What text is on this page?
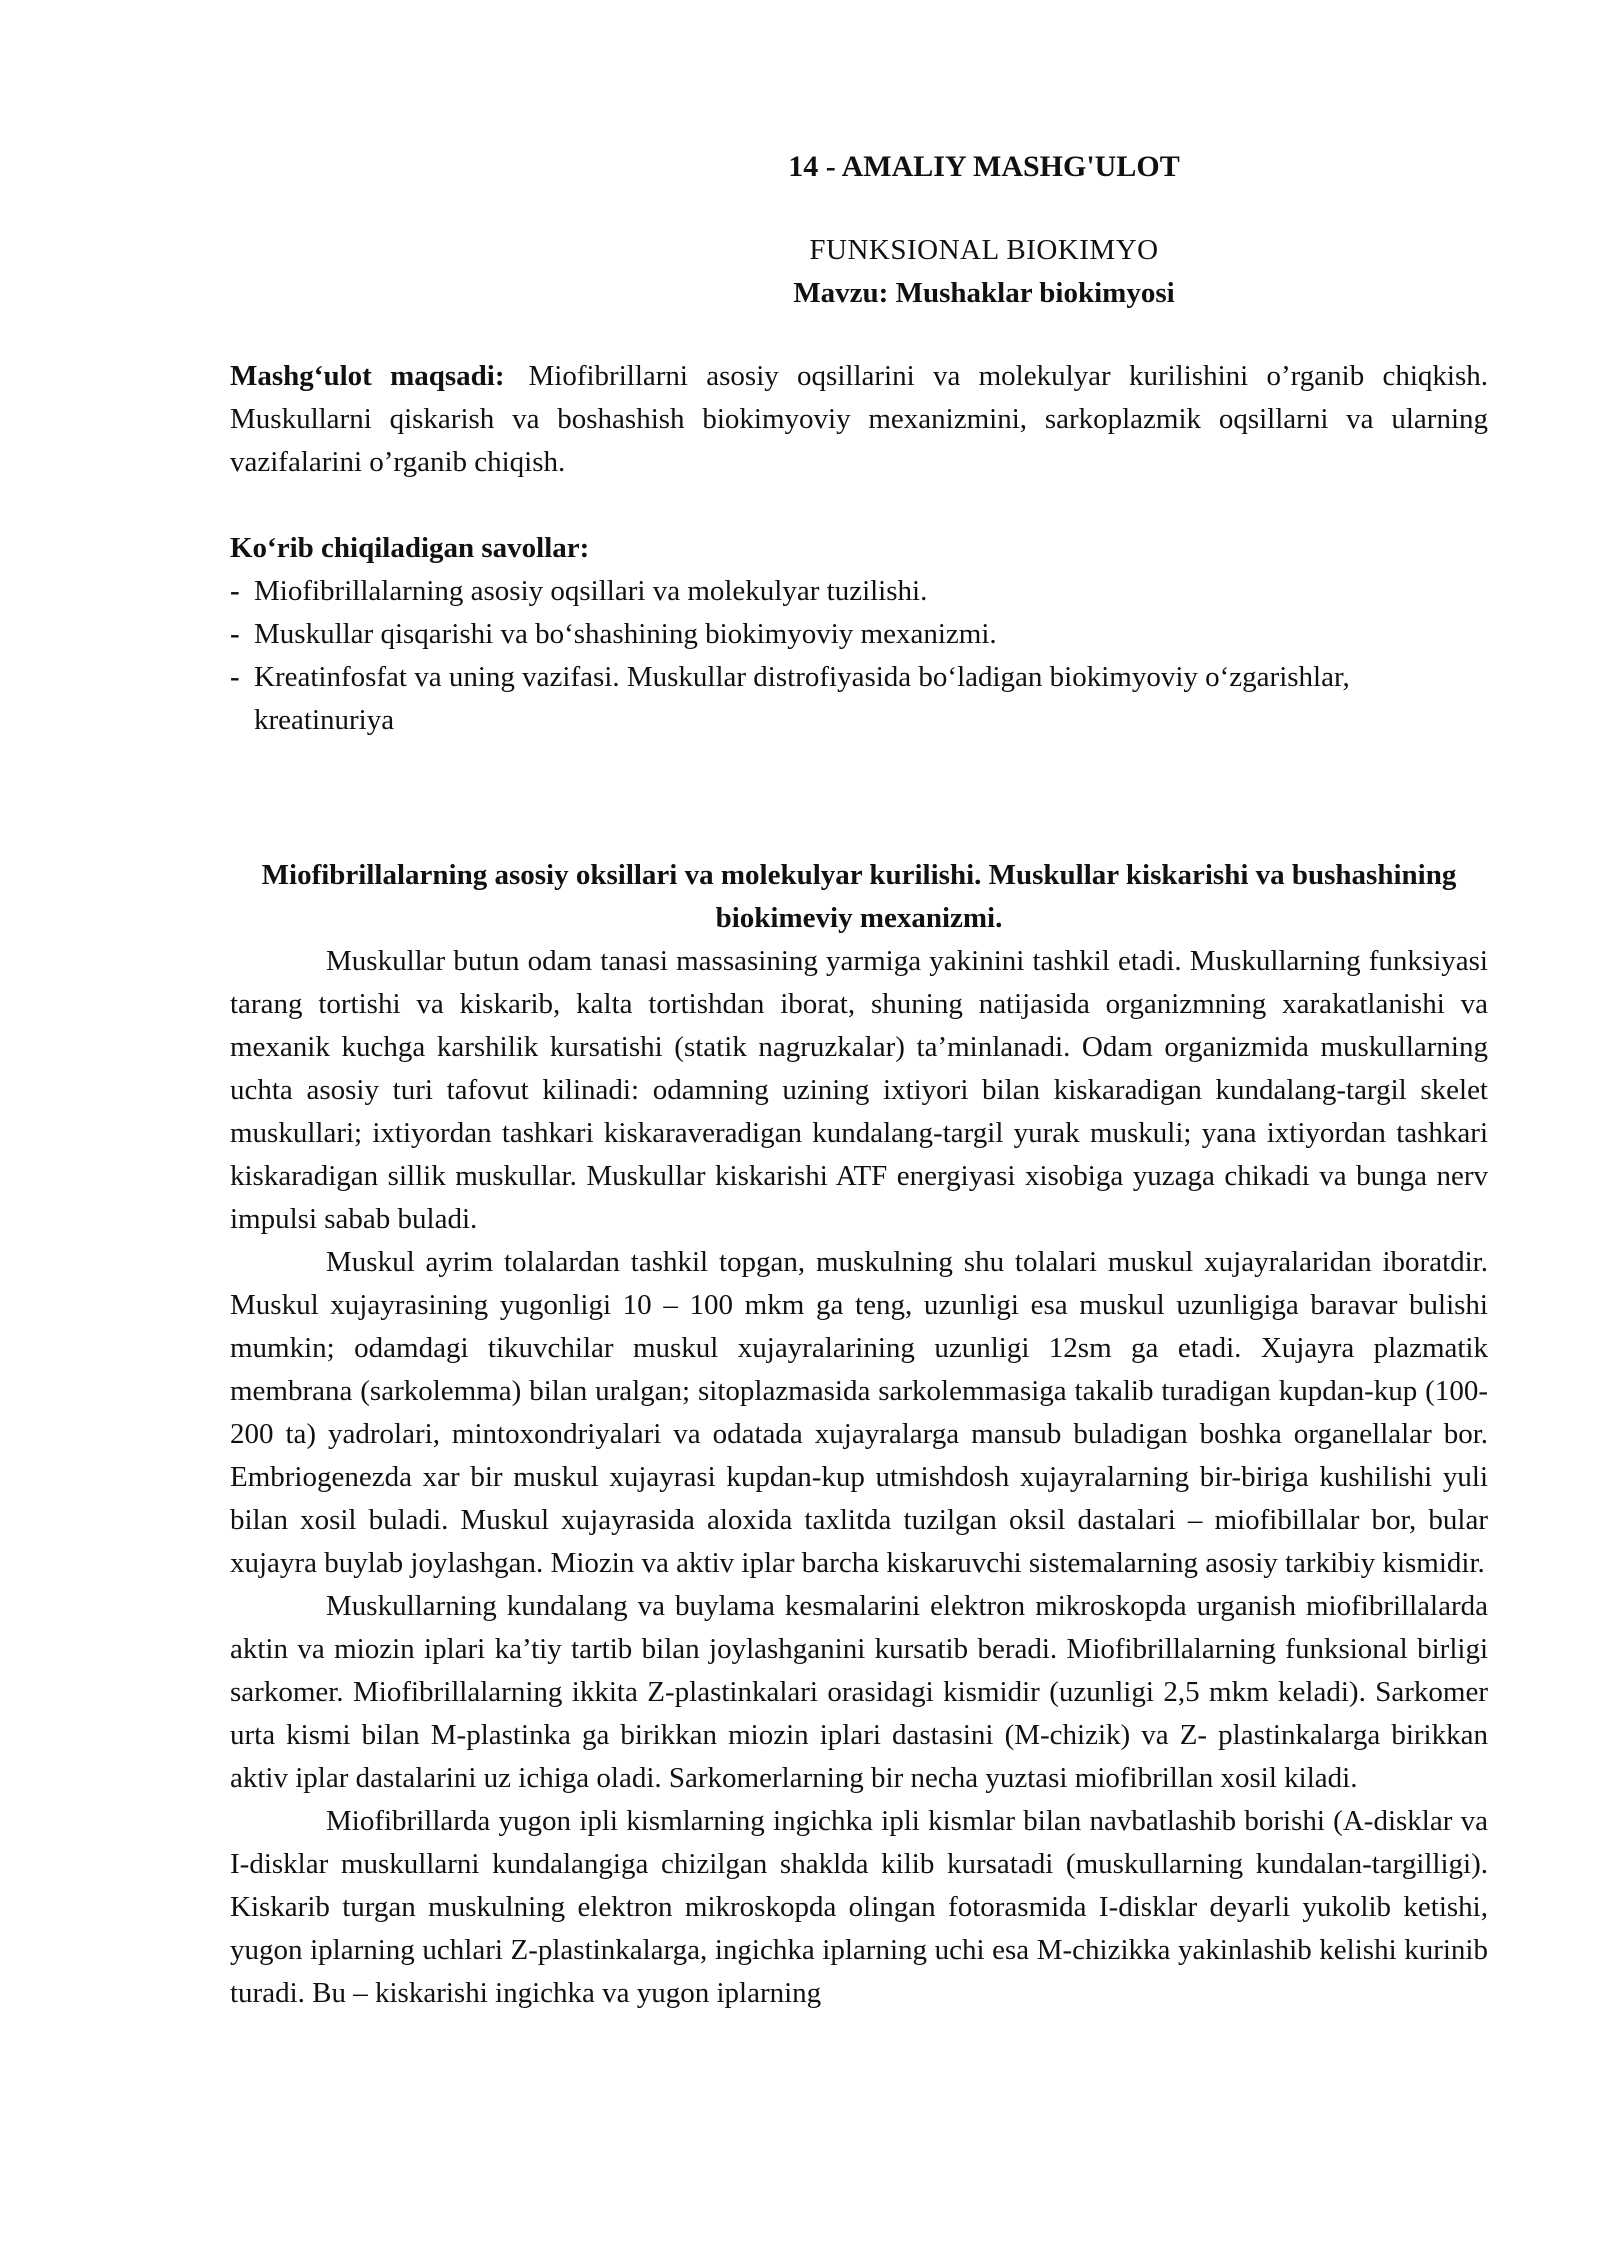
14 - AMALIY MASHG'ULOT

FUNKSIONAL BIOKIMYO

Mavzu: Mushaklar biokimyosi

Mashg‘ulot maqsadi: Miofibrillarni asosiy oqsillarini va molekulyar kurilishini o’rganib chiqkish. Muskullarni qiskarish va boshashish biokimyoviy mexanizmini, sarkoplazmik oqsillarni va ularning vazifalarini o’rganib chiqish.

Ko‘rib chiqiladigan savollar:

- Miofibrillalarning asosiy oqsillari va molekulyar tuzilishi.
- Muskullar qisqarishi va bo‘shashining biokimyoviy mexanizmi.
- Kreatinfosfat va uning vazifasi. Muskullar distrofiyasida bo‘ladigan biokimyoviy o‘zgarishlar, kreatinuriya

Miofibrillalarning asosiy oksillari va molekulyar kurilishi. Muskullar kiskarishi va bushashining biokimeviy mexanizmi.

Muskullar butun odam tanasi massasining yarmiga yakinini tashkil etadi. Muskullarning funksiyasi tarang tortishi va kiskarib, kalta tortishdan iborat, shuning natijasida organizmning xarakatlanishi va mexanik kuchga karshilik kursatishi (statik nagruzkalar) ta’minlanadi. Odam organizmida muskullarning uchta asosiy turi tafovut kilinadi: odamning uzining ixtiyori bilan kiskaradigan kundalang-targil skelet muskullari; ixtiyordan tashkari kiskaraveradigan kundalang-targil yurak muskuli; yana ixtiyordan tashkari kiskaradigan sillik muskullar. Muskullar kiskarishi ATF energiyasi xisobiga yuzaga chikadi va bunga nerv impulsi sabab buladi.

Muskul ayrim tolalardan tashkil topgan, muskulning shu tolalari muskul xujayralaridan iboratdir. Muskul xujayrasining yugonligi 10 – 100 mkm ga teng, uzunligi esa muskul uzunligiga baravar bulishi mumkin; odamdagi tikuvchilar muskul xujayralarining uzunligi 12sm ga etadi. Xujayra plazmatik membrana (sarkolemma) bilan uralgan; sitoplazmasida sarkolemmasiga takalib turadigan kupdan-kup (100-200 ta) yadrolari, mintoxondriyalari va odatada xujayralarga mansub buladigan boshka organellalar bor. Embriogenezda xar bir muskul xujayrasi kupdan-kup utmishdosh xujayralarning bir-biriga kushilishi yuli bilan xosil buladi. Muskul xujayrasida aloxida taxlitda tuzilgan oksil dastalari – miofibillalar bor, bular xujayra buylab joylashgan. Miozin va aktiv iplar barcha kiskaruvchi sistemalarning asosiy tarkibiy kismidir.

Muskullarning kundalang va buylama kesmalarini elektron mikroskopda urganish miofibrillalarda aktin va miozin iplari ka’tiy tartib bilan joylashganini kursatib beradi. Miofibrillalarning funksional birligi sarkomer. Miofibrillalarning ikkita Z-plastinkalari orasidagi kismidir (uzunligi 2,5 mkm keladi). Sarkomer urta kismi bilan M-plastinka ga birikkan miozin iplari dastasini (M-chizik) va Z- plastinkalarga birikkan aktiv iplar dastalarini uz ichiga oladi. Sarkomerlarning bir necha yuztasi miofibrillan xosil kiladi.

Miofibrillarda yugon ipli kismlarning ingichka ipli kismlar bilan navbatlashib borishi (A-disklar va I-disklar muskullarni kundalangiga chizilgan shaklda kilib kursatadi (muskullarning kundalan-targilligi). Kiskarib turgan muskulning elektron mikroskopda olingan fotorasmida I-disklar deyarli yukolib ketishi, yugon iplarning uchlari Z-plastinkalarga, ingichka iplarning uchi esa M-chizikka yakinlashib kelishi kurinib turadi. Bu – kiskarishi ingichka va yugon iplarning
